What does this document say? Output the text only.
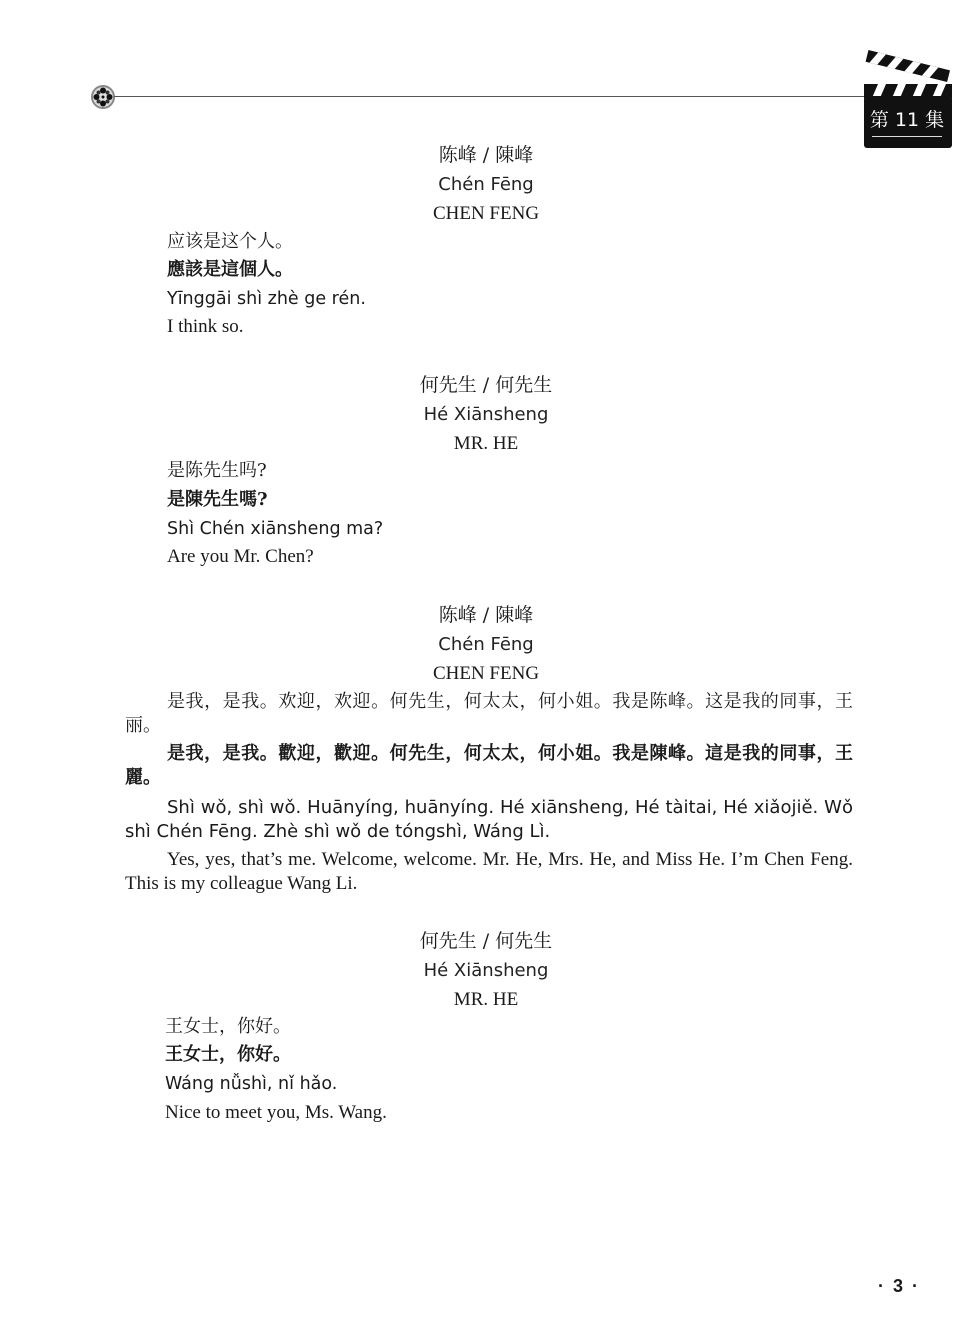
第 11 集
陈峰 / 陳峰
Chén Fēng
CHEN FENG
应该是这个人。
應該是這個人。
Yīnggāi shì zhè ge rén.
I think so.
何先生 / 何先生
Hé Xiānsheng
MR. HE
是陈先生吗?
是陳先生嗎?
Shì Chén xiānsheng ma?
Are you Mr. Chen?
陈峰 / 陳峰
Chén Fēng
CHEN FENG
是我，是我。欢迎，欢迎。何先生，何太太，何小姐。我是陈峰。这是我的同事，王丽。
是我，是我。歡迎，歡迎。何先生，何太太，何小姐。我是陳峰。這是我的同事，王麗。
Shì wǒ, shì wǒ. Huānyíng, huānyíng. Hé xiānsheng, Hé tàitai, Hé xiǎojiě. Wǒ shì Chén Fēng. Zhè shì wǒ de tóngshì, Wáng Lì.
Yes, yes, that’s me. Welcome, welcome. Mr. He, Mrs. He, and Miss He. I’m Chen Feng. This is my colleague Wang Li.
何先生 / 何先生
Hé Xiānsheng
MR. HE
王女士，你好。
王女士，你好。
Wáng nǚshì, nǐ hǎo.
Nice to meet you, Ms. Wang.
· 3 ·
